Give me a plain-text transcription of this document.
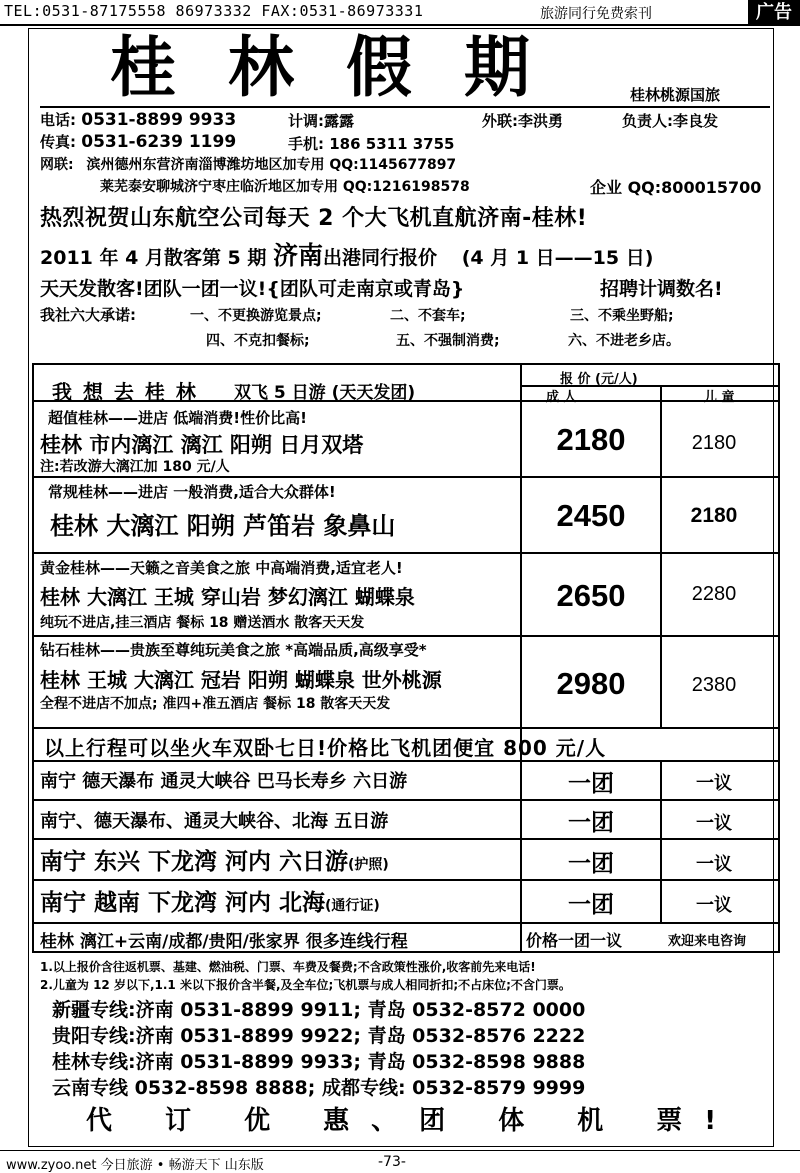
TEL:0531-87175558 86973332 FAX:0531-86973331	旅游同行免费索刊	广告
桂林假期	桂林桃源国旅
电话: 0531-8899 9933	计调:露露	外联:李洪勇	负责人:李良发
传真: 0531-6239 1199	手机: 186 5311 3755
网联: 滨州德州东营济南淄博潍坊地区加专用 QQ:1145677897
莱芜泰安聊城济宁枣庄临沂地区加专用 QQ:1216198578	企业 QQ:800015700
热烈祝贺山东航空公司每天 2 个大飞机直航济南-桂林!
2011 年 4 月散客第 5 期 济南出港同行报价 (4 月 1 日——15 日)
天天发散客!团队一团一议!{团队可走南京或青岛}	招聘计调数名!
我社六大承诺:	一、不更换游览景点;	二、不套车;	三、不乘坐野船;
四、不克扣餐标;	五、不强制消费;	六、不进老乡店。
我 想 去 桂 林 双飞 5 日游 (天天发团)
报 价 (元/人)
成 人	儿 童
超值桂林——进店 低端消费!性价比高!
桂林 市内漓江 漓江 阳朔 日月双塔
注:若改游大漓江加 180 元/人
2180	2180
常规桂林——进店 一般消费,适合大众群体!
桂林 大漓江 阳朔 芦笛岩 象鼻山	2450	2180
黄金桂林——天籁之音美食之旅 中高端消费,适宜老人!
桂林 大漓江 王城 穿山岩 梦幻漓江 蝴蝶泉
纯玩不进店,挂三酒店 餐标 18 赠送酒水 散客天天发
2650	2280
钻石桂林——贵族至尊纯玩美食之旅 *高端品质,高级享受*
桂林 王城 大漓江 冠岩 阳朔 蝴蝶泉 世外桃源
全程不进店不加点; 准四+准五酒店 餐标 18 散客天天发
2980	2380
以上行程可以坐火车双卧七日!价格比飞机团便宜 800 元/人
南宁 德天瀑布 通灵大峡谷 巴马长寿乡 六日游	一团	一议
南宁、德天瀑布、通灵大峡谷、北海 五日游	一团	一议
南宁 东兴 下龙湾 河内 六日游(护照)	一团	一议
南宁 越南 下龙湾 河内 北海(通行证)	一团	一议
桂林 漓江+云南/成都/贵阳/张家界 很多连线行程	价格一团一议	欢迎来电咨询
1.以上报价含往返机票、基建、燃油税、门票、车费及餐费;不含政策性涨价,收客前先来电话!
2.儿童为 12 岁以下,1.1 米以下报价含半餐,及全车位;飞机票与成人相同折扣;不占床位;不含门票。
新疆专线:济南 0531-8899 9911; 青岛 0532-8572 0000
贵阳专线:济南 0531-8899 9922; 青岛 0532-8576 2222
桂林专线:济南 0531-8899 9933; 青岛 0532-8598 9888
云南专线 0532-8598 8888; 成都专线: 0532-8579 9999
代 订 优 惠、团 体 机 票!
www.zyoo.net 今日旅游 • 畅游天下 山东版	-73-
